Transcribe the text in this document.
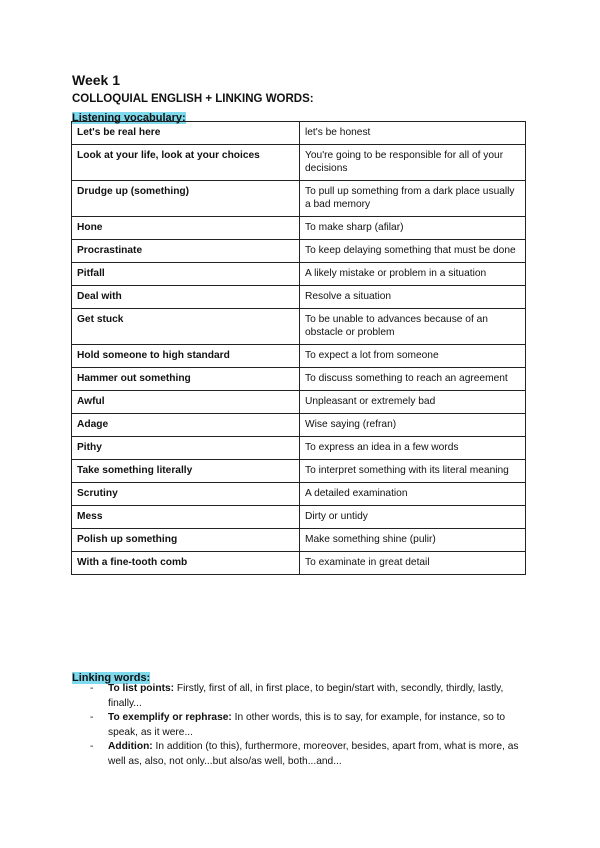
Week 1
COLLOQUIAL ENGLISH + LINKING WORDS:
Listening vocabulary:
Let's be real here	let's be honest
Look at your life, look at your choices	You're going to be responsible for all of your decisions
Drudge up (something)	To pull up something from a dark place usually a bad memory
Hone	To make sharp (afilar)
Procrastinate	To keep delaying something that must be done
Pitfall	A likely mistake or problem in a situation
Deal with	Resolve a situation
Get stuck	To be unable to advances because of an obstacle or problem
Hold someone to high standard	To expect a lot from someone
Hammer out something	To discuss something to reach an agreement
Awful	Unpleasant or extremely bad
Adage	Wise saying (refran)
Pithy	To express an idea in a few words
Take something literally	To interpret something with its literal meaning
Scrutiny	A detailed examination
Mess	Dirty or untidy
Polish up something	Make something shine (pulir)
With a fine-tooth comb	To examinate in great detail
Linking words:
- To list points: Firstly, first of all, in first place, to begin/start with, secondly, thirdly, lastly, finally...
- To exemplify or rephrase: In other words, this is to say, for example, for instance, so to speak, as it were...
- Addition: In addition (to this), furthermore, moreover, besides, apart from, what is more, as well as, also, not only...but also/as well, both...and...
